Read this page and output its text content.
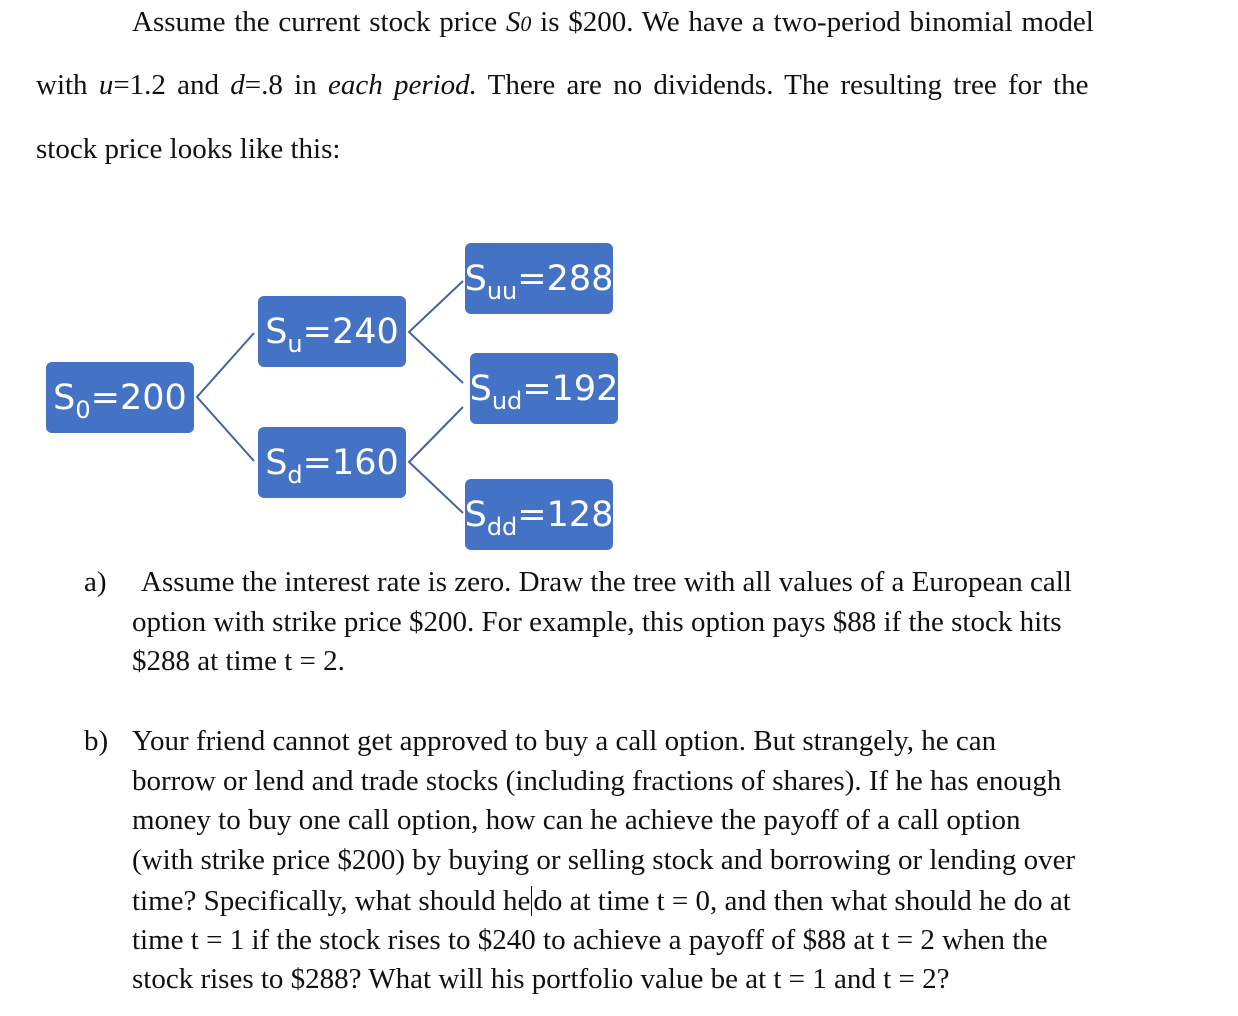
Assume the current stock price S0 is $200. We have a two-period binomial model
with u=1.2 and d=.8 in each period. There are no dividends. The resulting tree for the
stock price looks like this:
S 0 =200
S u =240
S d =160
S uu =288
S ud =192
S dd =128
a) Assume the interest rate is zero. Draw the tree with all values of a European call
option with strike price $200. For example, this option pays $88 if the stock hits
$288 at time t = 2.
b) Your friend cannot get approved to buy a call option. But strangely, he can
borrow or lend and trade stocks (including fractions of shares). If he has enough
money to buy one call option, how can he achieve the payoff of a call option
(with strike price $200) by buying or selling stock and borrowing or lending over
time? Specifically, what should he do at time t = 0, and then what should he do at
time t = 1 if the stock rises to $240 to achieve a payoff of $88 at t = 2 when the
stock rises to $288? What will his portfolio value be at t = 1 and t = 2?
